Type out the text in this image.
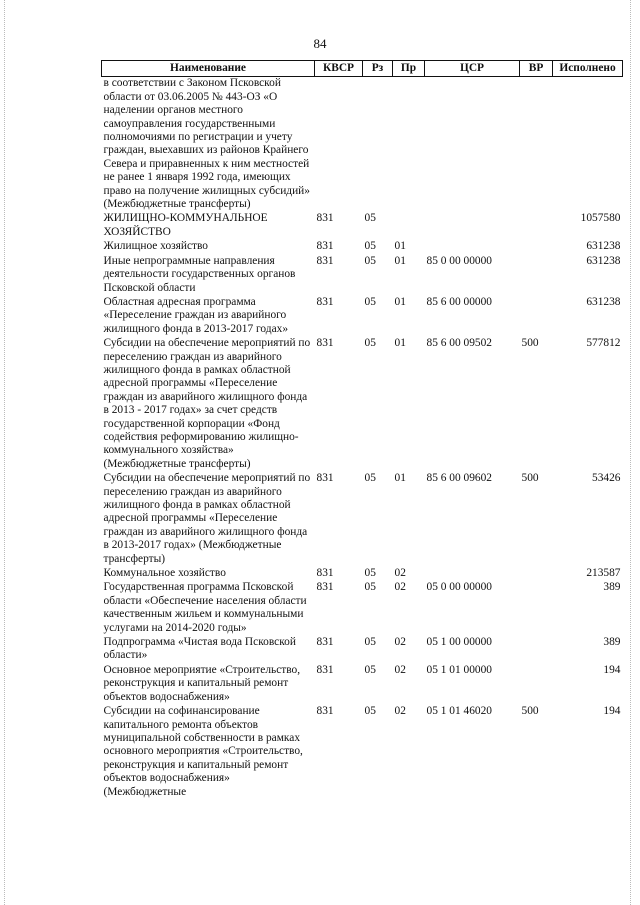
84
Наименование	КВСР	Рз	Пр	ЦСР	ВР	Исполнено
в соответствии с Законом Псковской области от 03.06.2005 № 443-ОЗ «О наделении органов местного самоуправления государственными полномочиями по регистрации и учету граждан, выехавших из районов Крайнего Севера и приравненных к ним местностей не ранее 1 января 1992 года, имеющих право на получение жилищных субсидий» (Межбюджетные трансферты)						
ЖИЛИЩНО-КОММУНАЛЬНОЕ ХОЗЯЙСТВО	831	05				1057580
Жилищное хозяйство	831	05	01			631238
Иные непрограммные направления деятельности государственных органов Псковской области	831	05	01	85 0 00 00000		631238
Областная адресная программа «Переселение граждан из аварийного жилищного фонда в 2013-2017 годах»	831	05	01	85 6 00 00000		631238
Субсидии на обеспечение мероприятий по переселению граждан из аварийного жилищного фонда в рамках областной адресной программы «Переселение граждан из аварийного жилищного фонда в 2013 - 2017 годах» за счет средств государственной корпорации «Фонд содействия реформированию жилищно-коммунального хозяйства» (Межбюджетные трансферты)	831	05	01	85 6 00 09502	500	577812
Субсидии на обеспечение мероприятий по переселению граждан из аварийного жилищного фонда в рамках областной адресной программы «Переселение граждан из аварийного жилищного фонда в 2013-2017 годах» (Межбюджетные трансферты)	831	05	01	85 6 00 09602	500	53426
Коммунальное хозяйство	831	05	02			213587
Государственная программа Псковской области «Обеспечение населения области качественным жильем и коммунальными услугами на 2014-2020 годы»	831	05	02	05 0 00 00000		389
Подпрограмма «Чистая вода Псковской области»	831	05	02	05 1 00 00000		389
Основное мероприятие «Строительство, реконструкция и капитальный ремонт объектов водоснабжения»	831	05	02	05 1 01 00000		194
Субсидии на софинансирование капитального ремонта объектов муниципальной собственности в рамках основного мероприятия «Строительство, реконструкция и капитальный ремонт объектов водоснабжения» (Межбюджетные	831	05	02	05 1 01 46020	500	194
